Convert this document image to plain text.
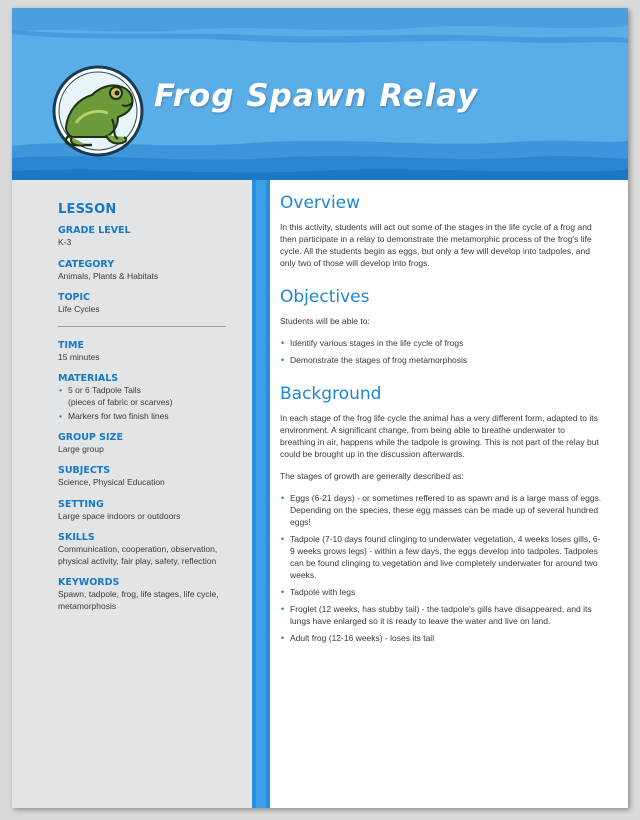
Frog Spawn Relay
LESSON

GRADE LEVEL

K-3

CATEGORY

Animals, Plants & Habitats

TOPIC

Life Cycles

TIME

15 minutes

MATERIALS

• 5 or 6 Tadpole Tails
(pieces of fabric or scarves)
• Markers for two finish lines

GROUP SIZE

Large group

SUBJECTS

Science, Physical Education

SETTING

Large space indoors or outdoors

SKILLS

Communication, cooperation, observation, physical activity, fair play, safety, reflection

KEYWORDS

Spawn, tadpole, frog, life stages, life cycle, metamorphosis

Overview

In this activity, students will act out some of the stages in the life cycle of a frog and then participate in a relay to demonstrate the metamorphic process of the frog's life cycle. All the students begin as eggs, but only a few will develop into tadpoles, and only two of those will develop into frogs.

Objectives

Students will be able to:

• Identify various stages in the life cycle of frogs
• Demonstrate the stages of frog metamorphosis
Background

In each stage of the frog life cycle the animal has a very different form, adapted to its environment. A significant change, from being able to breathe underwater to breathing in air, happens while the tadpole is growing. This is not part of the relay but could be brought up in the discussion afterwards.

The stages of growth are generally described as:

• Eggs (6-21 days) - or sometimes reffered to as spawn and is a large mass of eggs. Depending on the species, these egg masses can be made up of several hundred eggs!
• Tadpole (7-10 days found clinging to underwater vegetation, 4 weeks loses gills, 6-9 weeks grows legs) - within a few days, the eggs develop into tadpoles. Tadpoles can be found clinging to vegetation and live completely underwater for around two weeks.
• Tadpole with legs
• Froglet (12 weeks, has stubby tail) - the tadpole's gills have disappeared, and its lungs have enlarged so it is ready to leave the water and live on land.
• Adult frog (12-16 weeks) - loses its tail
